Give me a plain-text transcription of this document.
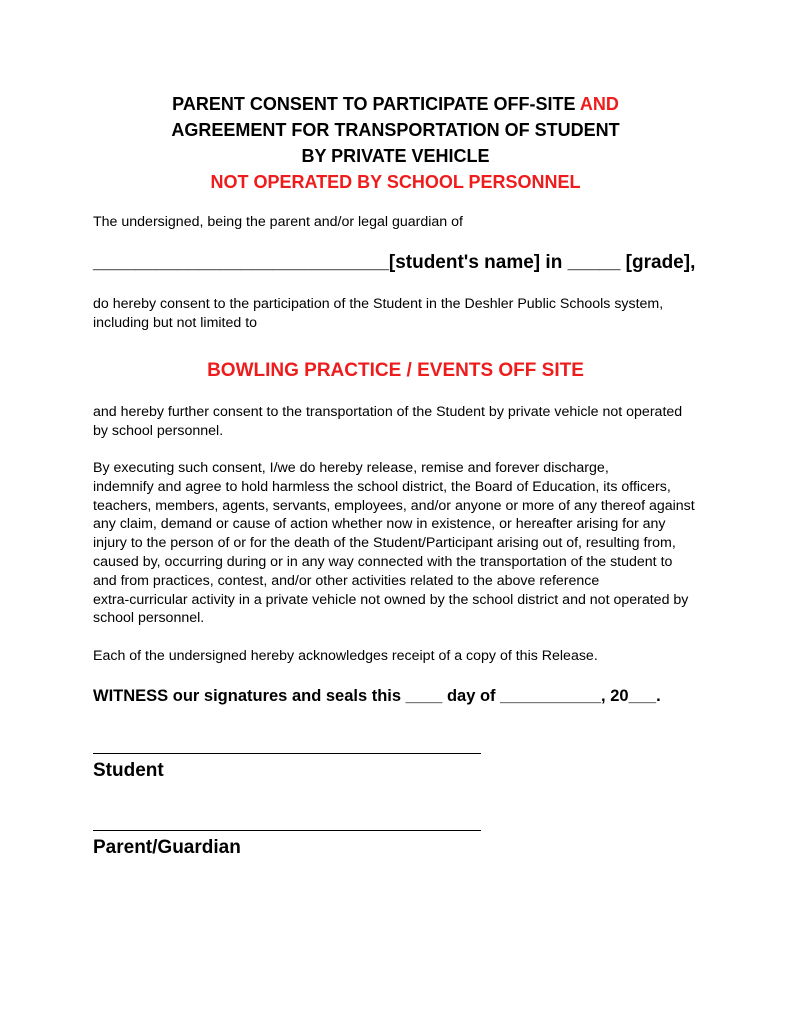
PARENT CONSENT TO PARTICIPATE OFF-SITE AND
AGREEMENT FOR TRANSPORTATION OF STUDENT
BY PRIVATE VEHICLE
NOT OPERATED BY SCHOOL PERSONNEL
The undersigned, being the parent and/or legal guardian of
____________________________[student's name] in _____ [grade],
do hereby consent to the participation of the Student in the Deshler Public Schools system,
including but not limited to
BOWLING PRACTICE / EVENTS OFF SITE
and hereby further consent to the transportation of the Student by private vehicle not operated
by school personnel.
By executing such consent, I/we do hereby release, remise and forever discharge,
indemnify and agree to hold harmless the school district, the Board of Education, its officers,
teachers, members, agents, servants, employees, and/or anyone or more of any thereof against
any claim, demand or cause of action whether now in existence, or hereafter arising for any
injury to the person of or for the death of the Student/Participant arising out of, resulting from,
caused by, occurring during or in any way connected with the transportation of the student to
and from practices, contest, and/or other activities related to the above reference
extra-curricular activity in a private vehicle not owned by the school district and not operated by
school personnel.
Each of the undersigned hereby acknowledges receipt of a copy of this Release.
WITNESS our signatures and seals this ____ day of ___________, 20___.
Student
Parent/Guardian
